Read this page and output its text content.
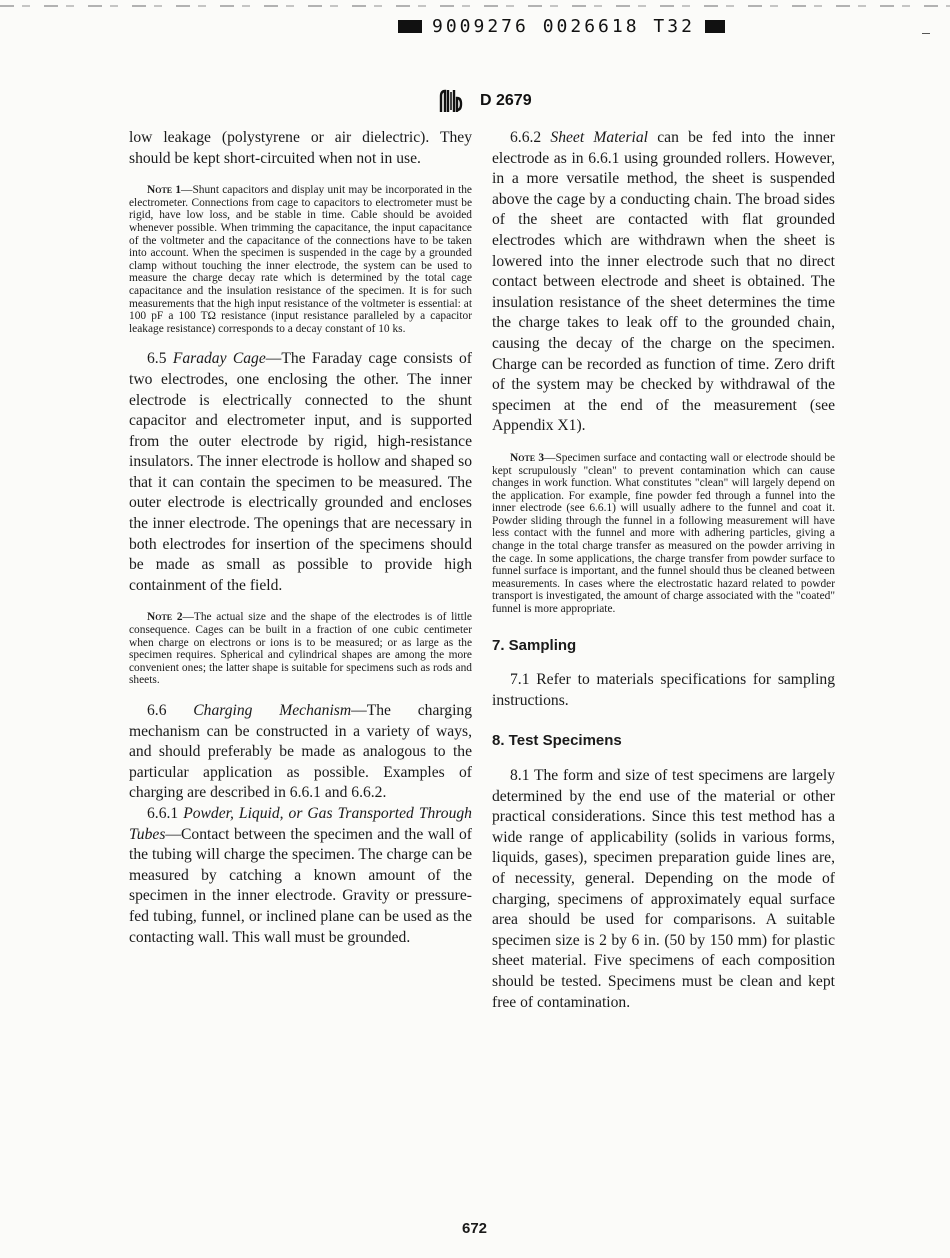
9009276 0026618 T32
D 2679

low leakage (polystyrene or air dielectric). They should be kept short-circuited when not in use.

Note 1—Shunt capacitors and display unit may be incorporated in the electrometer. Connections from cage to capacitors to electrometer must be rigid, have low loss, and be stable in time. Cable should be avoided whenever possible. When trimming the capacitance, the input capacitance of the voltmeter and the capacitance of the connections have to be taken into account. When the specimen is suspended in the cage by a grounded clamp without touching the inner electrode, the system can be used to measure the charge decay rate which is determined by the total cage capacitance and the insulation resistance of the specimen. It is for such measurements that the high input resistance of the voltmeter is essential: at 100 pF a 100 TΩ resistance (input resistance paralleled by a capacitor leakage resistance) corresponds to a decay constant of 10 ks.

6.5 Faraday Cage—The Faraday cage consists of two electrodes, one enclosing the other. The inner electrode is electrically connected to the shunt capacitor and electrometer input, and is supported from the outer electrode by rigid, high-resistance insulators. The inner electrode is hollow and shaped so that it can contain the specimen to be measured. The outer electrode is electrically grounded and encloses the inner electrode. The openings that are necessary in both electrodes for insertion of the specimens should be made as small as possible to provide high containment of the field.

Note 2—The actual size and the shape of the electrodes is of little consequence. Cages can be built in a fraction of one cubic centimeter when charge on electrons or ions is to be measured; or as large as the specimen requires. Spherical and cylindrical shapes are among the more convenient ones; the latter shape is suitable for specimens such as rods and sheets.

6.6 Charging Mechanism—The charging mechanism can be constructed in a variety of ways, and should preferably be made as analogous to the particular application as possible. Examples of charging are described in 6.6.1 and 6.6.2.

6.6.1 Powder, Liquid, or Gas Transported Through Tubes—Contact between the specimen and the wall of the tubing will charge the specimen. The charge can be measured by catching a known amount of the specimen in the inner electrode. Gravity or pressure-fed tubing, funnel, or inclined plane can be used as the contacting wall. This wall must be grounded.

6.6.2 Sheet Material can be fed into the inner electrode as in 6.6.1 using grounded rollers. However, in a more versatile method, the sheet is suspended above the cage by a conducting chain. The broad sides of the sheet are contacted with flat grounded electrodes which are withdrawn when the sheet is lowered into the inner electrode such that no direct contact between electrode and sheet is obtained. The insulation resistance of the sheet determines the time the charge takes to leak off to the grounded chain, causing the decay of the charge on the specimen. Charge can be recorded as function of time. Zero drift of the system may be checked by withdrawal of the specimen at the end of the measurement (see Appendix X1).

Note 3—Specimen surface and contacting wall or electrode should be kept scrupulously "clean" to prevent contamination which can cause changes in work function. What constitutes "clean" will largely depend on the application. For example, fine powder fed through a funnel into the inner electrode (see 6.6.1) will usually adhere to the funnel and coat it. Powder sliding through the funnel in a following measurement will have less contact with the funnel and more with adhering particles, giving a change in the total charge transfer as measured on the powder arriving in the cage. In some applications, the charge transfer from powder surface to funnel surface is important, and the funnel should thus be cleaned between measurements. In cases where the electrostatic hazard related to powder transport is investigated, the amount of charge associated with the "coated" funnel is more appropriate.
7. Sampling

7.1 Refer to materials specifications for sampling instructions.

8. Test Specimens

8.1 The form and size of test specimens are largely determined by the end use of the material or other practical considerations. Since this test method has a wide range of applicability (solids in various forms, liquids, gases), specimen preparation guide lines are, of necessity, general. Depending on the mode of charging, specimens of approximately equal surface area should be used for comparisons. A suitable specimen size is 2 by 6 in. (50 by 150 mm) for plastic sheet material. Five specimens of each composition should be tested. Specimens must be clean and kept free of contamination.

672
